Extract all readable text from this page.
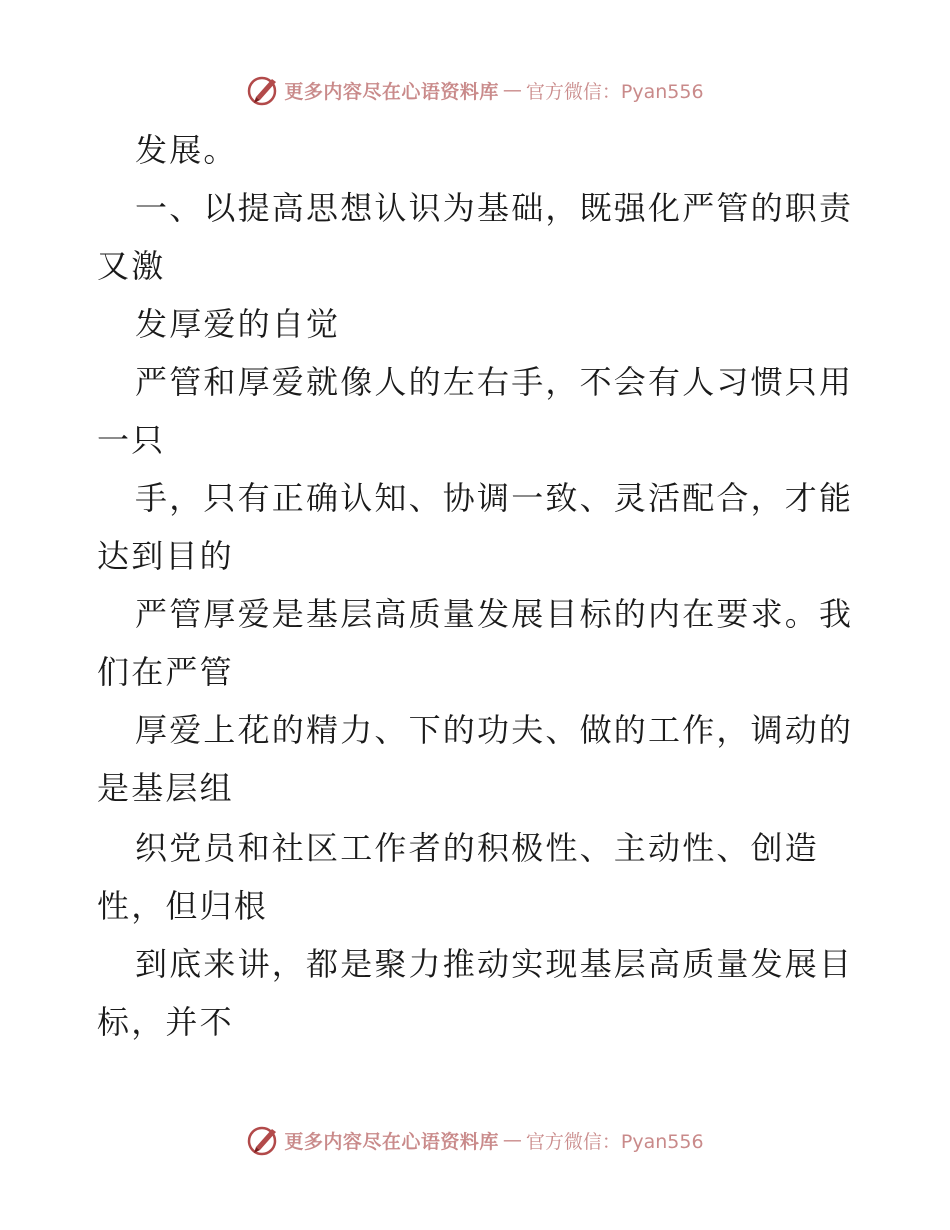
更多内容尽在心语资料库 — 官方微信：Pyan556
发展。
一、以提高思想认识为基础，既强化严管的职责
又激
发厚爱的自觉
严管和厚爱就像人的左右手，不会有人习惯只用
一只
手，只有正确认知、协调一致、灵活配合，才能
达到目的
严管厚爱是基层高质量发展目标的内在要求。我
们在严管
厚爱上花的精力、下的功夫、做的工作，调动的
是基层组
织党员和社区工作者的积极性、主动性、创造
性，但归根
到底来讲，都是聚力推动实现基层高质量发展目
标，并不
更多内容尽在心语资料库 — 官方微信：Pyan556
